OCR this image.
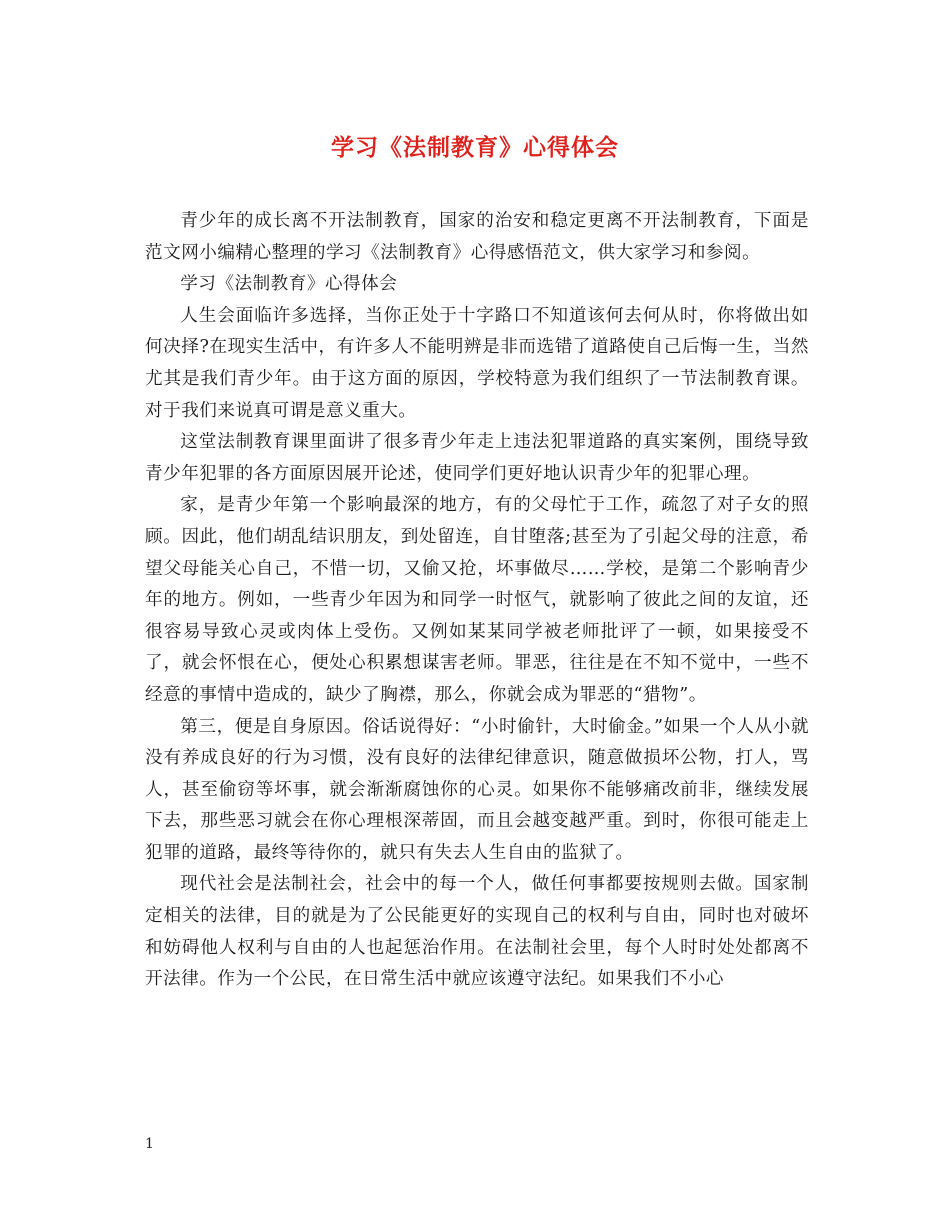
学习《法制教育》心得体会

青少年的成长离不开法制教育，国家的治安和稳定更离不开法制教育，下面是范文网小编精心整理的学习《法制教育》心得感悟范文，供大家学习和参阅。

学习《法制教育》心得体会

人生会面临许多选择，当你正处于十字路口不知道该何去何从时，你将做出如何决择?在现实生活中，有许多人不能明辨是非而选错了道路使自己后悔一生，当然尤其是我们青少年。由于这方面的原因，学校特意为我们组织了一节法制教育课。对于我们来说真可谓是意义重大。

这堂法制教育课里面讲了很多青少年走上违法犯罪道路的真实案例，围绕导致青少年犯罪的各方面原因展开论述，使同学们更好地认识青少年的犯罪心理。

家，是青少年第一个影响最深的地方，有的父母忙于工作，疏忽了对子女的照顾。因此，他们胡乱结识朋友，到处留连，自甘堕落;甚至为了引起父母的注意，希望父母能关心自己，不惜一切，又偷又抢，坏事做尽……学校，是第二个影响青少年的地方。例如，一些青少年因为和同学一时怄气，就影响了彼此之间的友谊，还很容易导致心灵或肉体上受伤。又例如某某同学被老师批评了一顿，如果接受不了，就会怀恨在心，便处心积累想谋害老师。罪恶，往往是在不知不觉中，一些不经意的事情中造成的，缺少了胸襟，那么，你就会成为罪恶的“猎物”。

第三，便是自身原因。俗话说得好：“小时偷针，大时偷金。”如果一个人从小就没有养成良好的行为习惯，没有良好的法律纪律意识，随意做损坏公物，打人，骂人，甚至偷窃等坏事，就会渐渐腐蚀你的心灵。如果你不能够痛改前非，继续发展下去，那些恶习就会在你心理根深蒂固，而且会越变越严重。到时，你很可能走上犯罪的道路，最终等待你的，就只有失去人生自由的监狱了。

现代社会是法制社会，社会中的每一个人，做任何事都要按规则去做。国家制定相关的法律，目的就是为了公民能更好的实现自己的权利与自由，同时也对破坏和妨碍他人权利与自由的人也起惩治作用。在法制社会里，每个人时时处处都离不开法律。作为一个公民，在日常生活中就应该遵守法纪。如果我们不小心

1
